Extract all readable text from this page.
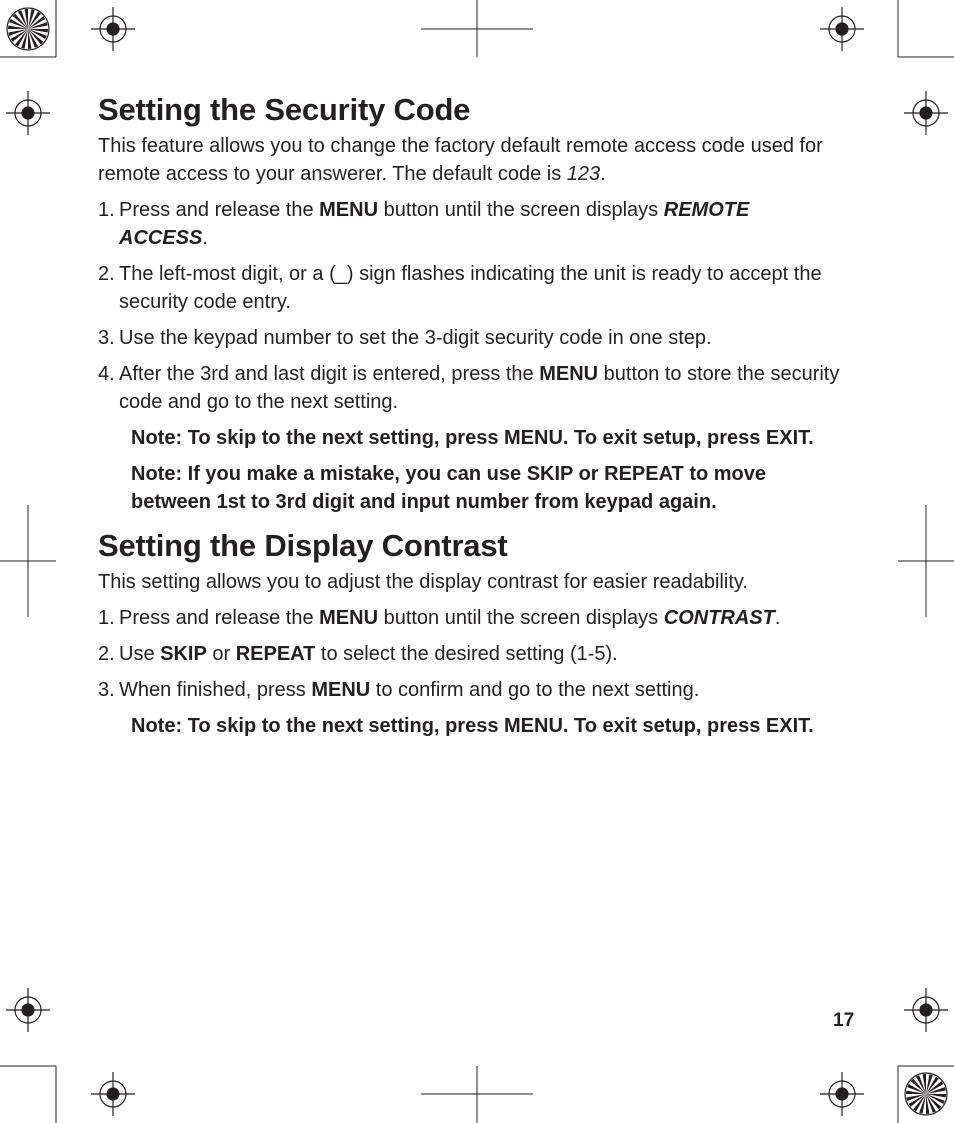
Setting the Security Code

This feature allows you to change the factory default remote access code used for remote access to your answerer. The default code is 123.

1. Press and release the MENU button until the screen displays REMOTE ACCESS.
2. The left-most digit, or a (_) sign flashes indicating the unit is ready to accept the security code entry.
3. Use the keypad number to set the 3-digit security code in one step.
4. After the 3rd and last digit is entered, press the MENU button to store the security code and go to the next setting.

Note: To skip to the next setting, press MENU. To exit setup, press EXIT.

Note: If you make a mistake, you can use SKIP or REPEAT to move between 1st to 3rd digit and input number from keypad again.

Setting the Display Contrast

This setting allows you to adjust the display contrast for easier readability.

1. Press and release the MENU button until the screen displays CONTRAST.
2. Use SKIP or REPEAT to select the desired setting (1-5).
3. When finished, press MENU to confirm and go to the next setting.

Note: To skip to the next setting, press MENU. To exit setup, press EXIT.

17
